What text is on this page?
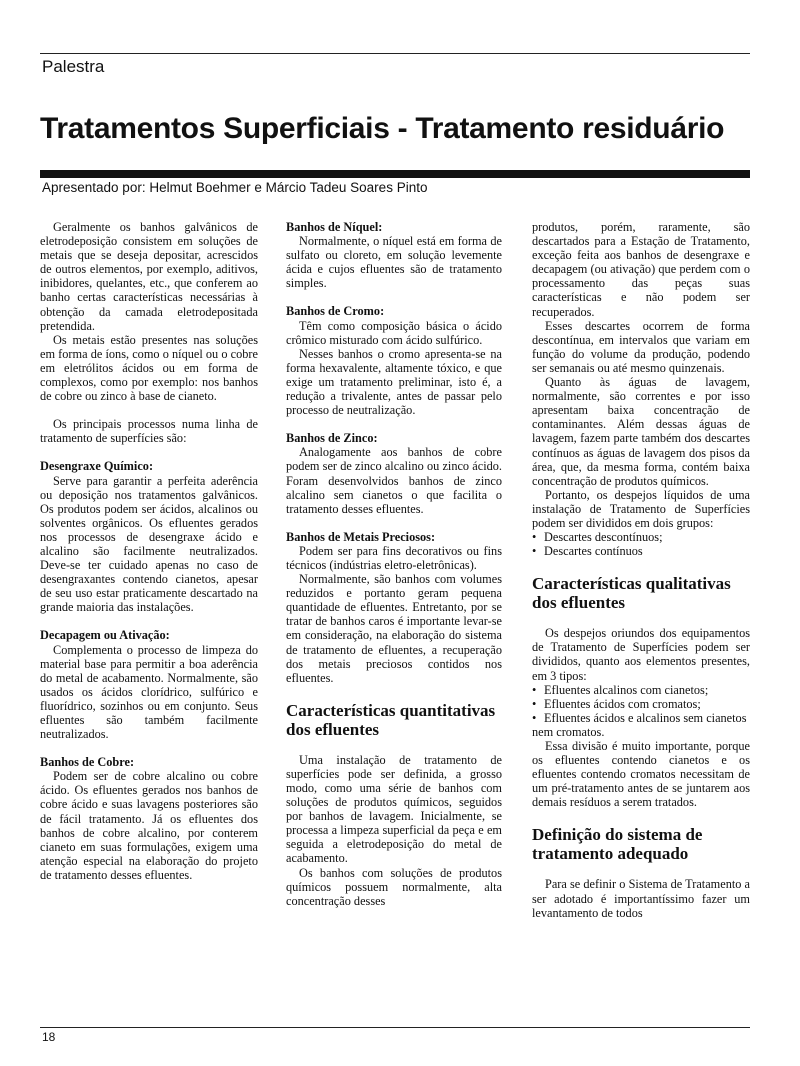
Palestra
Tratamentos Superficiais - Tratamento residuário
Apresentado por: Helmut Boehmer e Márcio Tadeu Soares Pinto

Geralmente os banhos galvânicos de eletrodeposição consistem em soluções de metais que se deseja depositar, acrescidos de outros elementos, por exemplo, aditivos, inibidores, quelantes, etc., que conferem ao banho certas características necessárias à obtenção da camada eletrodepositada pretendida.

Os metais estão presentes nas soluções em forma de íons, como o níquel ou o cobre em eletrólitos ácidos ou em forma de complexos, como por exemplo: nos banhos de cobre ou zinco à base de cianeto.

Os principais processos numa linha de tratamento de superfícies são:

Desengraxe Químico:

Serve para garantir a perfeita aderência ou deposição nos tratamentos galvânicos. Os produtos podem ser ácidos, alcalinos ou solventes orgânicos. Os efluentes gerados nos processos de desengraxe ácido e alcalino são facilmente neutralizados. Deve-se ter cuidado apenas no caso de desengraxantes contendo cianetos, apesar de seu uso estar praticamente descartado na grande maioria das instalações.

Decapagem ou Ativação:

Complementa o processo de limpeza do material base para permitir a boa aderência do metal de acabamento. Normalmente, são usados os ácidos clorídrico, sulfúrico e fluorídrico, sozinhos ou em conjunto. Seus efluentes são também facilmente neutralizados.

Banhos de Cobre:

Podem ser de cobre alcalino ou cobre ácido. Os efluentes gerados nos banhos de cobre ácido e suas lavagens posteriores são de fácil tratamento. Já os efluentes dos banhos de cobre alcalino, por conterem cianeto em suas formulações, exigem uma atenção especial na elaboração do projeto de tratamento desses efluentes.

Banhos de Níquel:

Normalmente, o níquel está em forma de sulfato ou cloreto, em solução levemente ácida e cujos efluentes são de tratamento simples.

Banhos de Cromo:

Têm como composição básica o ácido crômico misturado com ácido sulfúrico.

Nesses banhos o cromo apresenta-se na forma hexavalente, altamente tóxico, e que exige um tratamento preliminar, isto é, a redução a trivalente, antes de passar pelo processo de neutralização.

Banhos de Zinco:

Analogamente aos banhos de cobre podem ser de zinco alcalino ou zinco ácido. Foram desenvolvidos banhos de zinco alcalino sem cianetos o que facilita o tratamento desses efluentes.

Banhos de Metais Preciosos:

Podem ser para fins decorativos ou fins técnicos (indústrias eletro-eletrônicas).

Normalmente, são banhos com volumes reduzidos e portanto geram pequena quantidade de efluentes. Entretanto, por se tratar de banhos caros é importante levar-se em consideração, na elaboração do sistema de tratamento de efluentes, a recuperação dos metais preciosos contidos nos efluentes.

Características quantitativas dos efluentes

Uma instalação de tratamento de superfícies pode ser definida, a grosso modo, como uma série de banhos com soluções de produtos químicos, seguidos por banhos de lavagem. Inicialmente, se processa a limpeza superficial da peça e em seguida a eletrodeposição do metal de acabamento.

Os banhos com soluções de produtos químicos possuem normalmente, alta concentração desses

produtos, porém, raramente, são descartados para a Estação de Tratamento, exceção feita aos banhos de desengraxe e decapagem (ou ativação) que perdem com o processamento das peças suas características e não podem ser recuperados.

Esses descartes ocorrem de forma descontínua, em intervalos que variam em função do volume da produção, podendo ser semanais ou até mesmo quinzenais.

Quanto às águas de lavagem, normalmente, são correntes e por isso apresentam baixa concentração de contaminantes. Além dessas águas de lavagem, fazem parte também dos descartes contínuos as águas de lavagem dos pisos da área, que, da mesma forma, contém baixa concentração de produtos químicos.

Portanto, os despejos líquidos de uma instalação de Tratamento de Superfícies podem ser divididos em dois grupos:

• Descartes descontínuos;
• Descartes contínuos
Características qualitativas dos efluentes

Os despejos oriundos dos equipamentos de Tratamento de Superfícies podem ser divididos, quanto aos elementos presentes, em 3 tipos:

• Efluentes alcalinos com cianetos;
• Efluentes ácidos com cromatos;
• Efluentes ácidos e alcalinos sem cianetos nem cromatos.

Essa divisão é muito importante, porque os efluentes contendo cianetos e os efluentes contendo cromatos necessitam de um pré-tratamento antes de se juntarem aos demais resíduos a serem tratados.

Definição do sistema de tratamento adequado

Para se definir o Sistema de Tratamento a ser adotado é importantíssimo fazer um levantamento de todos

18
